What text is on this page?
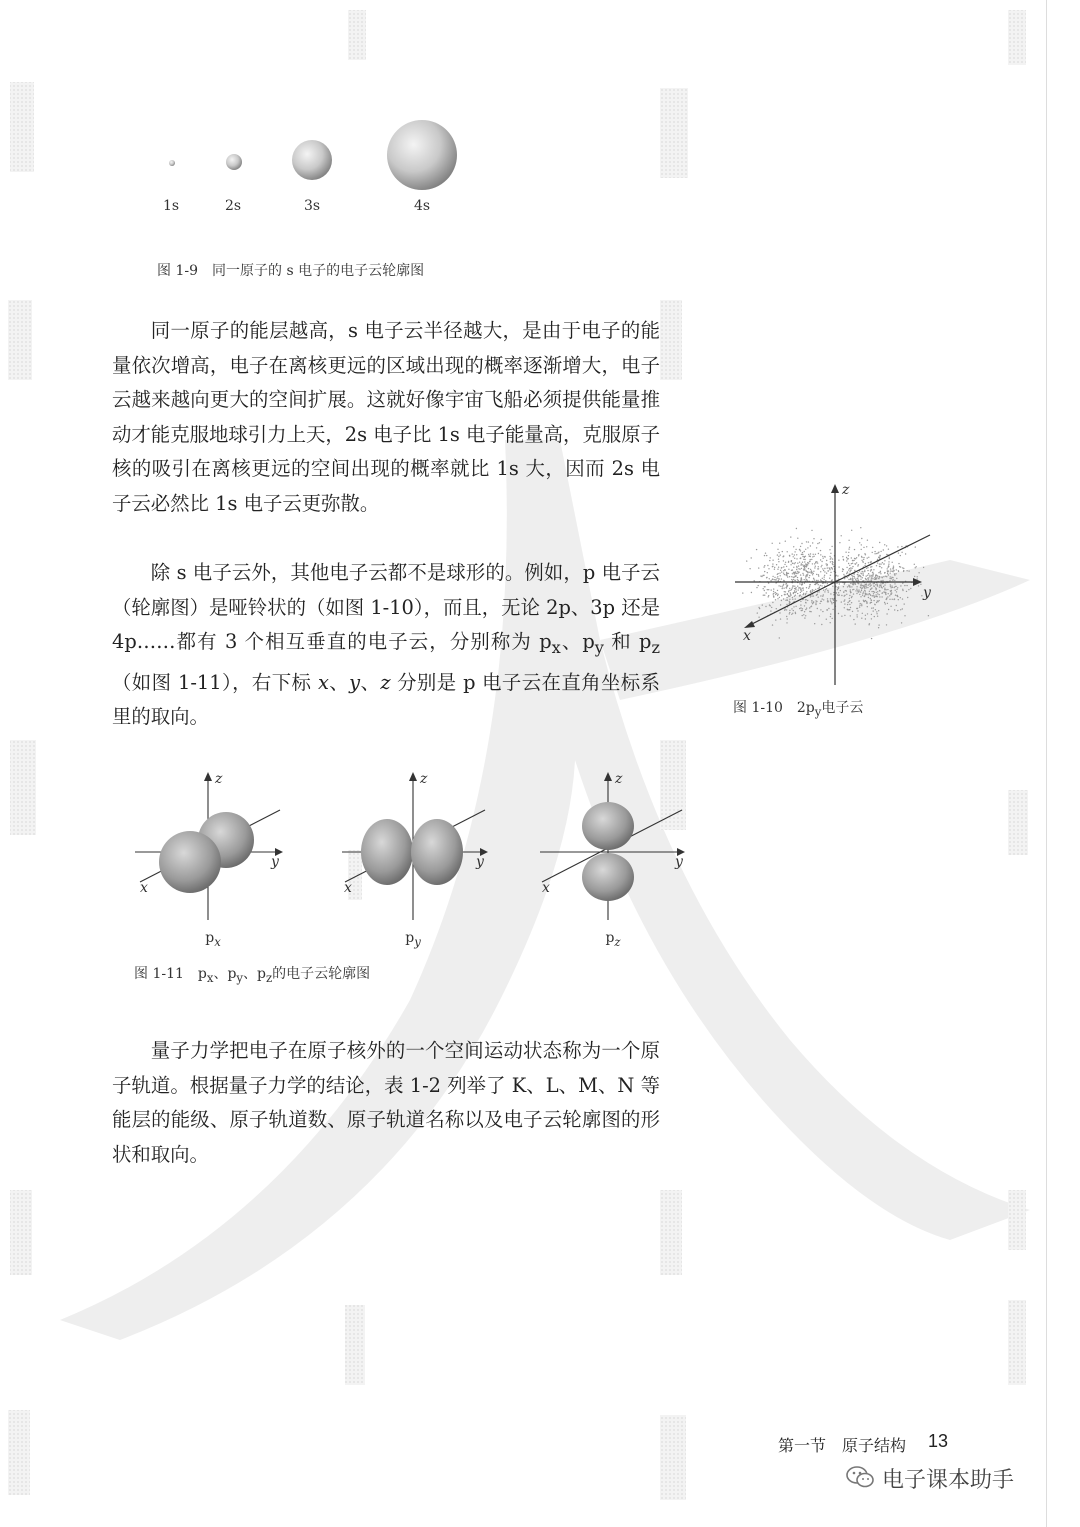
1s	2s	3s	4s
图 1-9　同一原子的 s 电子的电子云轮廓图

同一原子的能层越高，s 电子云半径越大，是由于电子的能量依次增高，电子在离核更远的区域出现的概率逐渐增大，电子云越来越向更大的空间扩展。这就好像宇宙飞船必须提供能量推动才能克服地球引力上天，2s 电子比 1s 电子能量高，克服原子核的吸引在离核更远的空间出现的概率就比 1s 大，因而 2s 电子云必然比 1s 电子云更弥散。

除 s 电子云外，其他电子云都不是球形的。例如，p 电子云（轮廓图）是哑铃状的（如图 1-10），而且，无论 2p、3p 还是 4p……都有 3 个相互垂直的电子云，分别称为 $p_x$、$p_y$ 和 $p_z$（如图 1-11），右下标 x、y、z 分别是 p 电子云在直角坐标系里的取向。

z
y
x
图 1-10　$2p_y$电子云
z
y
x
z
y
x
z
y
x
$p_x$	$p_y$	$p_z$
图 1-11　$p_x$、$p_y$、$p_z$的电子云轮廓图

量子力学把电子在原子核外的一个空间运动状态称为一个原子轨道。根据量子力学的结论，表 1-2 列举了 K、L、M、N 等能层的能级、原子轨道数、原子轨道名称以及电子云轮廓图的形状和取向。

第一节　原子结构 13
电子课本助手
